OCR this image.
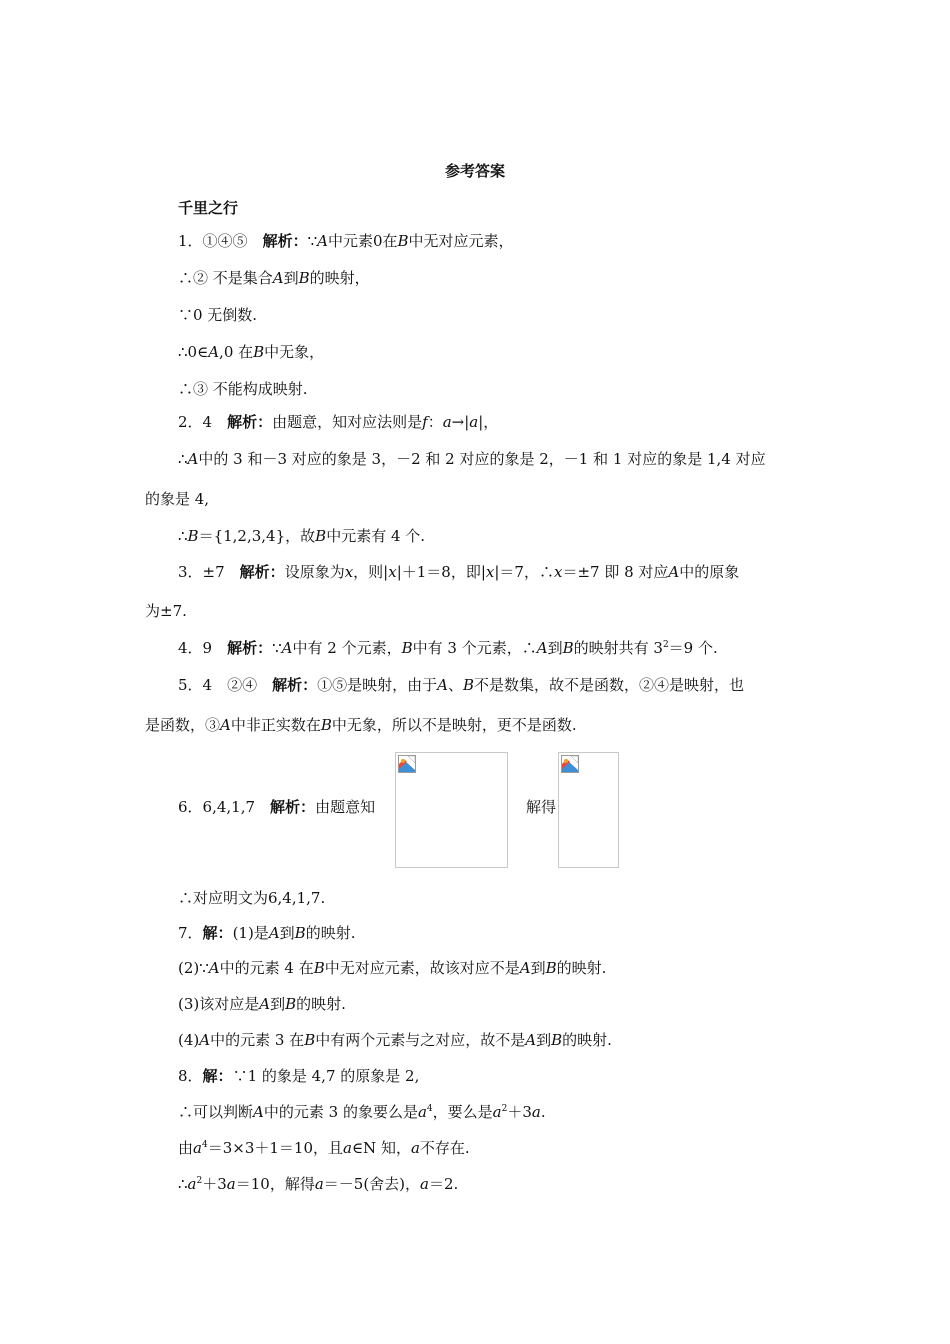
参考答案
千里之行
1．①④⑤　 解析：∵A中元素0在B中无对应元素，
∴② 不是集合A到B的映射，
∵0 无倒数.
∴0∈A,0 在B中无象，
∴③ 不能构成映射.
2．4　 解析：由题意，知对应法则是f：a→|a|，
∴A中的 3 和－3 对应的象是 3，－2 和 2 对应的象是 2，－1 和 1 对应的象是 1,4 对应
的象是 4,
∴B＝{1,2,3,4}，故B中元素有 4 个.
3．±7　 解析：设原象为x，则|x|＋1＝8，即|x|＝7，∴x＝±7 即 8 对应A中的原象
为±7.
4．9　 解析：∵A中有 2 个元素，B中有 3 个元素，∴A到B的映射共有 $3^2=9$ 个.
5．4　②④　 解析：①⑤是映射，由于A、B不是数集，故不是函数，②④是映射，也
是函数，③A中非正实数在B中无象，所以不是映射，更不是函数.
6．6,4,1,7　 解析：由题意知	解得
∴对应明文为6,4,1,7.
7．解：(1)是A到B的映射.
(2)∵A中的元素 4 在B中无对应元素，故该对应不是A到B的映射.
(3)该对应是A到B的映射.
(4)A中的元素 3 在B中有两个元素与之对应，故不是A到B的映射.
8．解：∵1 的象是 4,7 的原象是 2,
∴可以判断A中的元素 3 的象要么是$a^4$，要么是$a^2+3a$.
由$a^4=3\times 3+1=10$，且a∈N 知，a不存在.
$\therefore a^2+3a=10$，解得a＝－5(舍去)，a＝2.
